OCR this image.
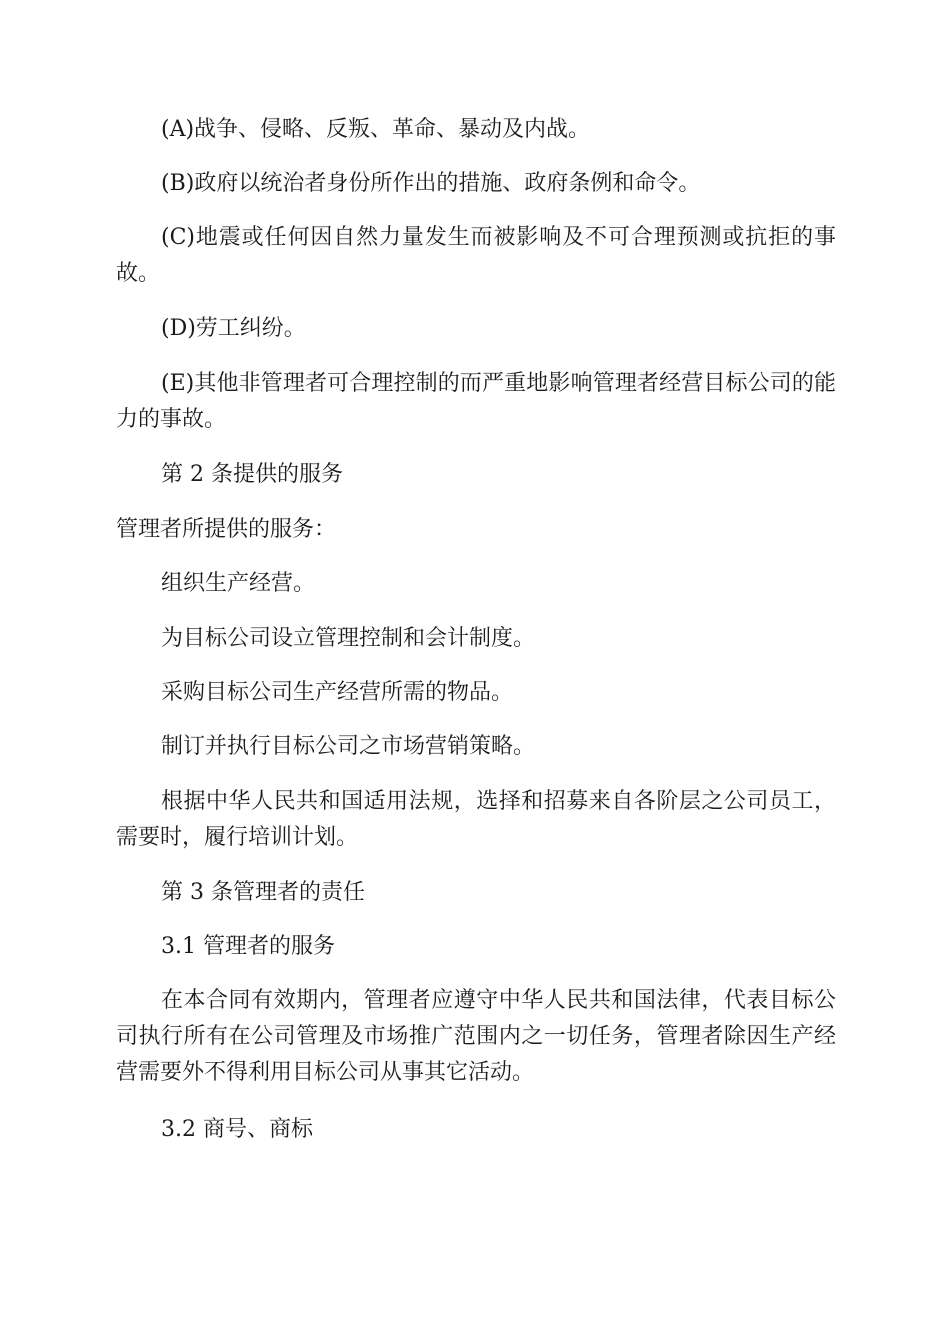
(A)战争、侵略、反叛、革命、暴动及内战。

(B)政府以统治者身份所作出的措施、政府条例和命令。

(C)地震或任何因自然力量发生而被影响及不可合理预测或抗拒的事故。

(D)劳工纠纷。

(E)其他非管理者可合理控制的而严重地影响管理者经营目标公司的能力的事故。

第 2 条提供的服务

管理者所提供的服务：

组织生产经营。

为目标公司设立管理控制和会计制度。

采购目标公司生产经营所需的物品。

制订并执行目标公司之市场营销策略。

根据中华人民共和国适用法规，选择和招募来自各阶层之公司员工，需要时，履行培训计划。

第 3 条管理者的责任

3.1 管理者的服务

在本合同有效期内，管理者应遵守中华人民共和国法律，代表目标公司执行所有在公司管理及市场推广范围内之一切任务，管理者除因生产经营需要外不得利用目标公司从事其它活动。

3.2 商号、商标
